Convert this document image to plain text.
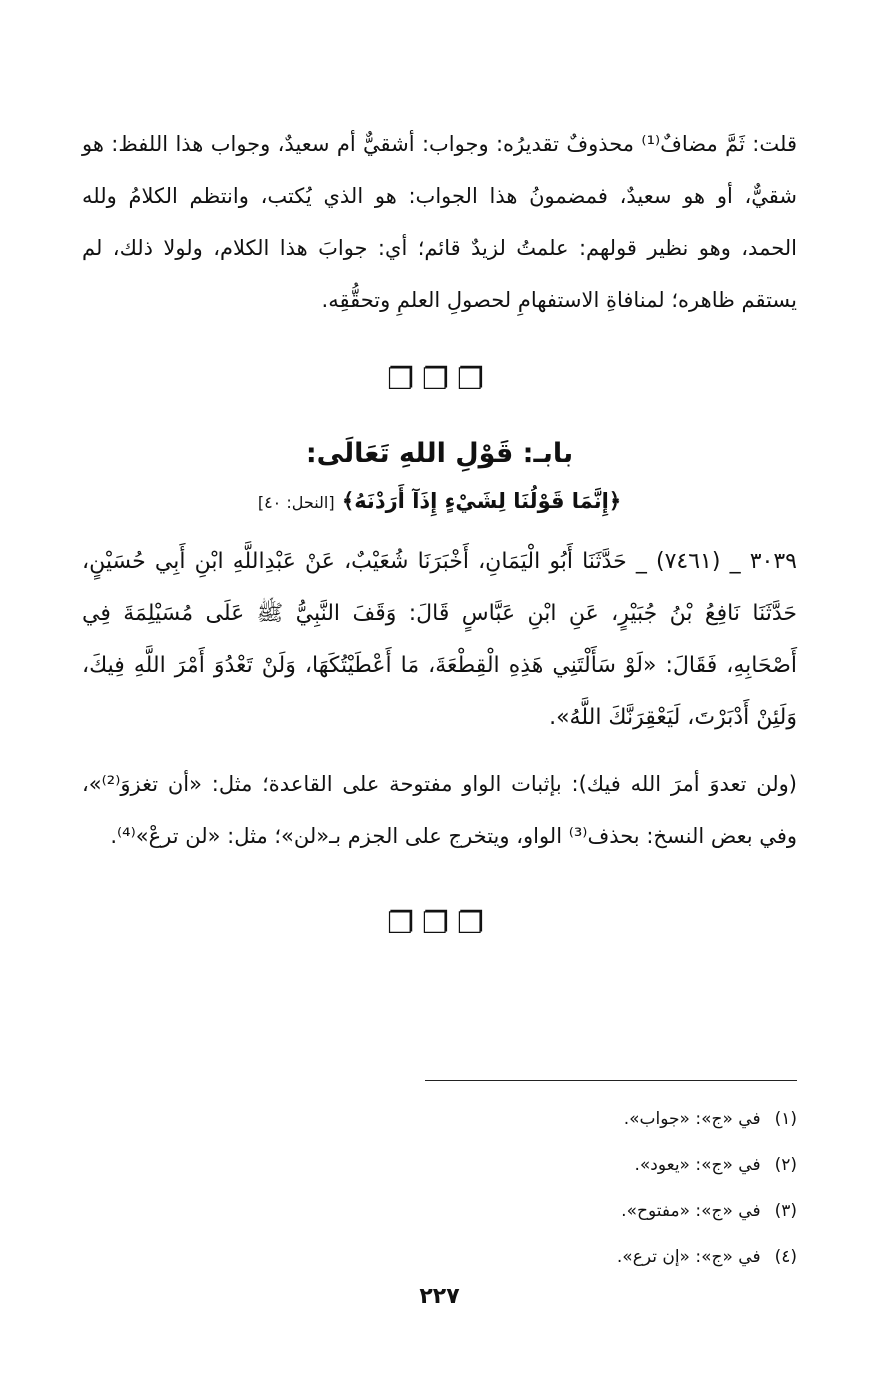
قلت: ثَمَّ مضافٌ⁽¹⁾ محذوفٌ تقديرُه: وجواب: أشقيٌّ أم سعيدٌ، وجواب هذا اللفظ: هو شقيٌّ، أو هو سعيدٌ، فمضمونُ هذا الجواب: هو الذي يُكتب، وانتظم الكلامُ ولله الحمد، وهو نظير قولهم: علمتُ لزيدٌ قائم؛ أي: جوابَ هذا الكلام، ولولا ذلك، لم يستقم ظاهره؛ لمنافاةِ الاستفهامِ لحصولِ العلمِ وتحقُّقِه.

❐❐❐

بابـ: قَوْلِ اللهِ تَعَالَى:

﴿إِنَّمَا قَوْلُنَا لِشَيْءٍ إِذَآ أَرَدْنَهُ﴾ [النحل: ٤٠]

٣٠٣٩ _ (٧٤٦١) _ حَدَّثَنَا أَبُو الْيَمَانِ، أَخْبَرَنَا شُعَيْبٌ، عَنْ عَبْدِاللَّهِ ابْنِ أَبِي حُسَيْنٍ، حَدَّثَنَا نَافِعُ بْنُ جُبَيْرٍ، عَنِ ابْنِ عَبَّاسٍ قَالَ: وَقَفَ النَّبِيُّ ﷺ عَلَى مُسَيْلِمَةَ فِي أَصْحَابِهِ، فَقَالَ: «لَوْ سَأَلْتَنِي هَذِهِ الْقِطْعَةَ، مَا أَعْطَيْتُكَهَا، وَلَنْ تَعْدُوَ أَمْرَ اللَّهِ فِيكَ، وَلَئِنْ أَدْبَرْتَ، لَيَعْقِرَنَّكَ اللَّهُ».

(ولن تعدوَ أمرَ الله فيك): بإثبات الواو مفتوحة على القاعدة؛ مثل: «أن تغزوَ⁽²⁾»، وفي بعض النسخ: بحذف⁽³⁾ الواو، ويتخرج على الجزم بـ«لن»؛ مثل: «لن ترعْ»⁽⁴⁾.

❐❐❐

(١)في «ج»: «جواب».
(٢)في «ج»: «يعود».
(٣)في «ج»: «مفتوح».
(٤)في «ج»: «إن ترع».

٢٢٧
